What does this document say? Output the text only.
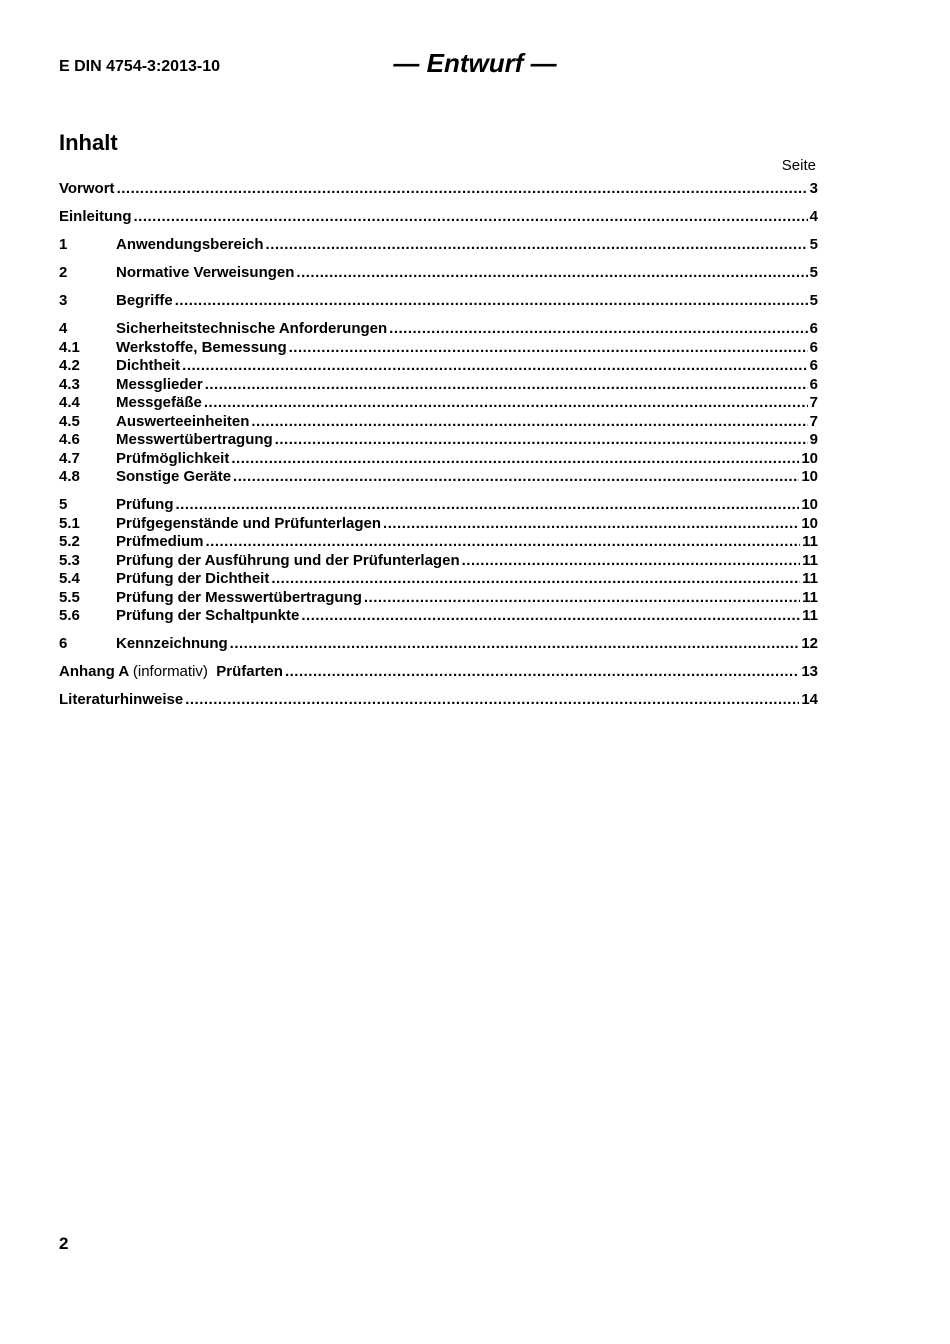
E DIN 4754-3:2013-10	— Entwurf —
Inhalt
Seite
Vorwort .....	3
Einleitung .....	4
1	Anwendungsbereich .....	5
2	Normative Verweisungen .....	5
3	Begriffe .....	5
4	Sicherheitstechnische Anforderungen .....	6
4.1	Werkstoffe, Bemessung .....	6
4.2	Dichtheit .....	6
4.3	Messglieder .....	6
4.4	Messgefäße .....	7
4.5	Auswerteeinheiten .....	7
4.6	Messwertübertragung .....	9
4.7	Prüfmöglichkeit .....	10
4.8	Sonstige Geräte .....	10
5	Prüfung .....	10
5.1	Prüfgegenstände und Prüfunterlagen .....	10
5.2	Prüfmedium .....	11
5.3	Prüfung der Ausführung und der Prüfunterlagen .....	11
5.4	Prüfung der Dichtheit .....	11
5.5	Prüfung der Messwertübertragung .....	11
5.6	Prüfung der Schaltpunkte .....	11
6	Kennzeichnung .....	12
Anhang A (informativ) Prüfarten .....	13
Literaturhinweise .....	14
2
